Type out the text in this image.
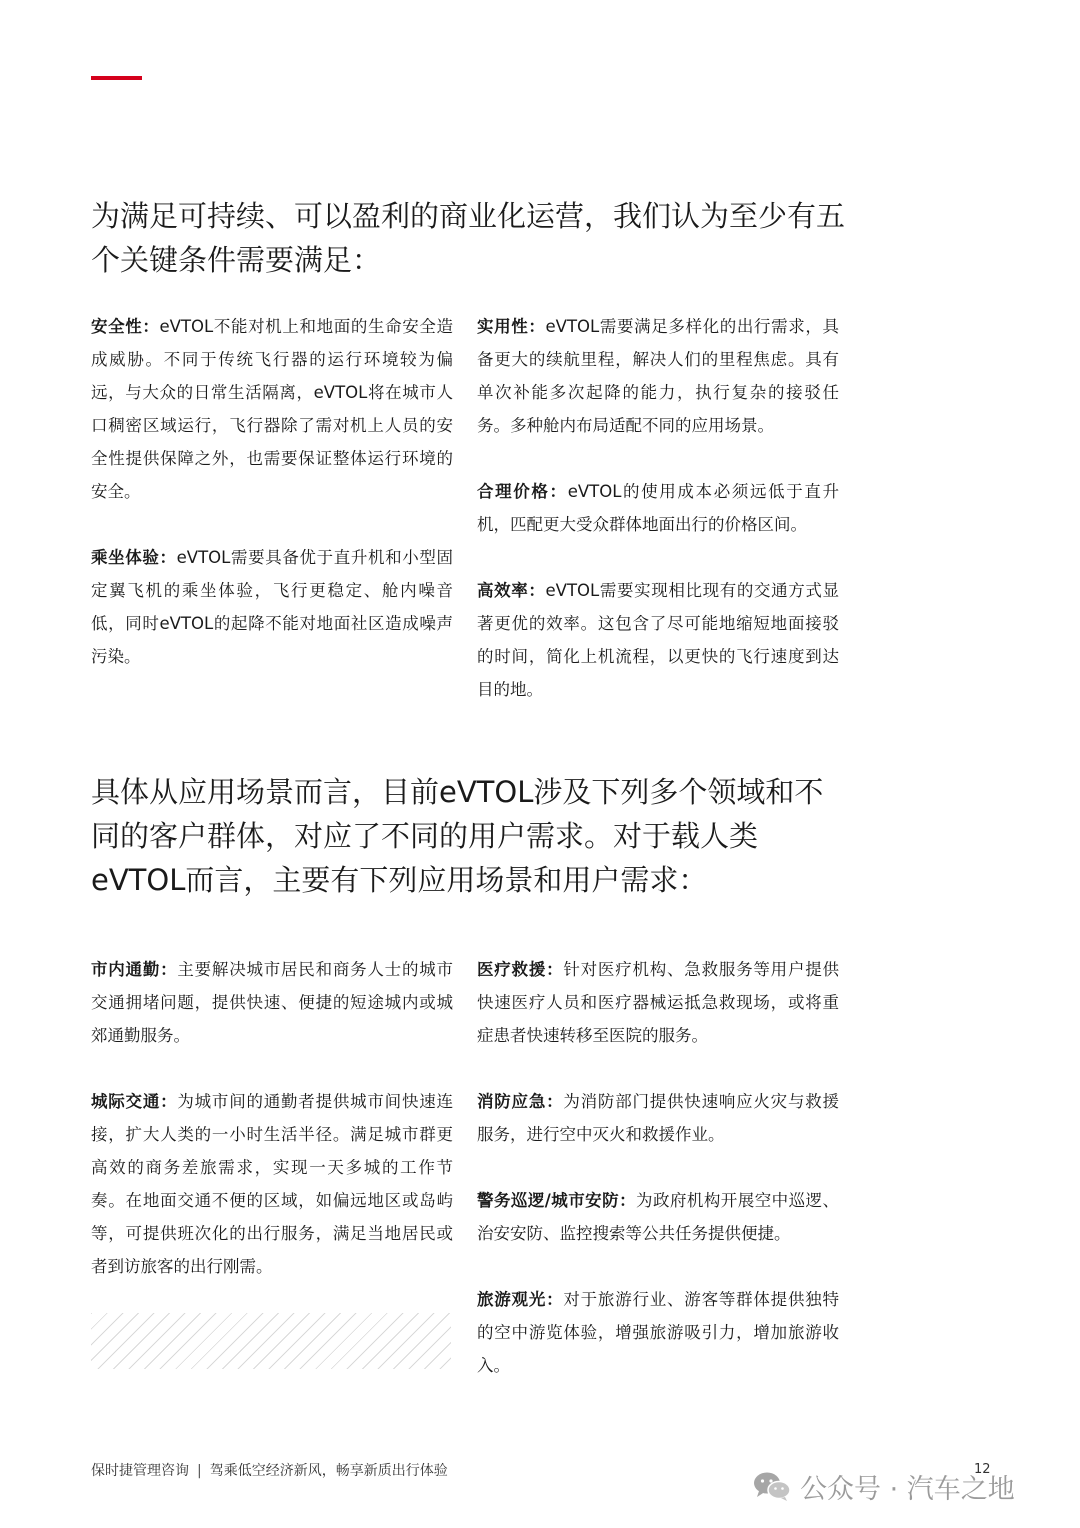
为满足可持续、可以盈利的商业化运营，我们认为至少有五个关键条件需要满足：

安全性：eVTOL不能对机上和地面的生命安全造成威胁。不同于传统飞行器的运行环境较为偏远，与大众的日常生活隔离，eVTOL将在城市人口稠密区域运行，飞行器除了需对机上人员的安全性提供保障之外，也需要保证整体运行环境的安全。

乘坐体验：eVTOL需要具备优于直升机和小型固定翼飞机的乘坐体验，飞行更稳定、舱内噪音低，同时eVTOL的起降不能对地面社区造成噪声污染。

实用性：eVTOL需要满足多样化的出行需求，具备更大的续航里程，解决人们的里程焦虑。具有单次补能多次起降的能力，执行复杂的接驳任务。多种舱内布局适配不同的应用场景。

合理价格：eVTOL的使用成本必须远低于直升机，匹配更大受众群体地面出行的价格区间。

高效率：eVTOL需要实现相比现有的交通方式显著更优的效率。这包含了尽可能地缩短地面接驳的时间，简化上机流程，以更快的飞行速度到达目的地。

具体从应用场景而言，目前eVTOL涉及下列多个领域和不同的客户群体，对应了不同的用户需求。对于载人类eVTOL而言，主要有下列应用场景和用户需求：

市内通勤：主要解决城市居民和商务人士的城市交通拥堵问题，提供快速、便捷的短途城内或城郊通勤服务。

城际交通：为城市间的通勤者提供城市间快速连接，扩大人类的一小时生活半径。满足城市群更高效的商务差旅需求，实现一天多城的工作节奏。在地面交通不便的区域，如偏远地区或岛屿等，可提供班次化的出行服务，满足当地居民或者到访旅客的出行刚需。

医疗救援：针对医疗机构、急救服务等用户提供快速医疗人员和医疗器械运抵急救现场，或将重症患者快速转移至医院的服务。

消防应急：为消防部门提供快速响应火灾与救援服务，进行空中灭火和救援作业。

警务巡逻/城市安防：为政府机构开展空中巡逻、治安安防、监控搜索等公共任务提供便捷。

旅游观光：对于旅游行业、游客等群体提供独特的空中游览体验，增强旅游吸引力，增加旅游收入。

保时捷管理咨询 | 驾乘低空经济新风，畅享新质出行体验	12
公众号 · 汽车之地
